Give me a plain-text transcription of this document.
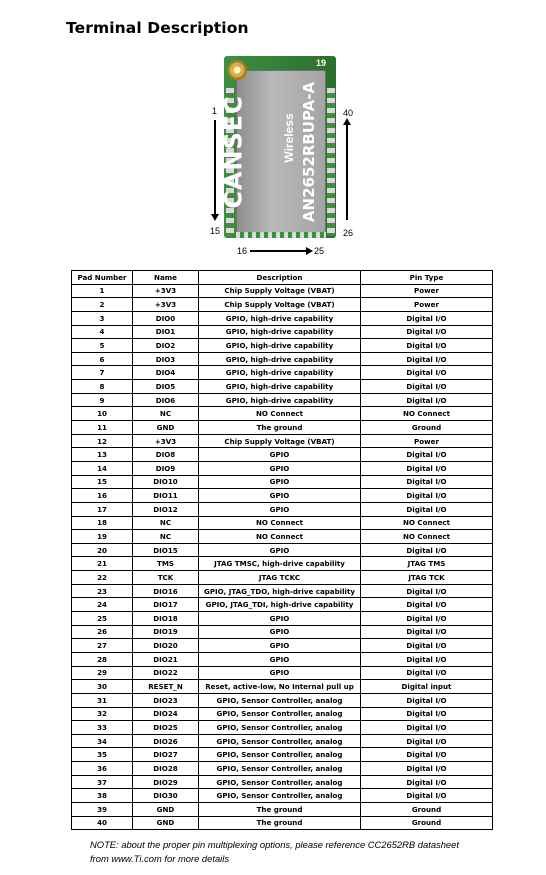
Terminal Description
19
CANSEC	Wireless AN2652RBUPA-A
1
15
16	25
40
26
Pad Number	Name	Description	Pin Type
1	+3V3	Chip Supply Voltage (VBAT)	Power
2	+3V3	Chip Supply Voltage (VBAT)	Power
3	DIO0	GPIO, high-drive capability	Digital I/O
4	DIO1	GPIO, high-drive capability	Digital I/O
5	DIO2	GPIO, high-drive capability	Digital I/O
6	DIO3	GPIO, high-drive capability	Digital I/O
7	DIO4	GPIO, high-drive capability	Digital I/O
8	DIO5	GPIO, high-drive capability	Digital I/O
9	DIO6	GPIO, high-drive capability	Digital I/O
10	NC	NO Connect	NO Connect
11	GND	The ground	Ground
12	+3V3	Chip Supply Voltage (VBAT)	Power
13	DIO8	GPIO	Digital I/O
14	DIO9	GPIO	Digital I/O
15	DIO10	GPIO	Digital I/O
16	DIO11	GPIO	Digital I/O
17	DIO12	GPIO	Digital I/O
18	NC	NO Connect	NO Connect
19	NC	NO Connect	NO Connect
20	DIO15	GPIO	Digital I/O
21	TMS	JTAG TMSC, high-drive capability	JTAG TMS
22	TCK	JTAG TCKC	JTAG TCK
23	DIO16	GPIO, JTAG_TDO, high-drive capability	Digital I/O
24	DIO17	GPIO, JTAG_TDI, high-drive capability	Digital I/O
25	DIO18	GPIO	Digital I/O
26	DIO19	GPIO	Digital I/O
27	DIO20	GPIO	Digital I/O
28	DIO21	GPIO	Digital I/O
29	DIO22	GPIO	Digital I/O
30	RESET_N	Reset, active-low, No Internal pull up	Digital input
31	DIO23	GPIO, Sensor Controller, analog	Digital I/O
32	DIO24	GPIO, Sensor Controller, analog	Digital I/O
33	DIO25	GPIO, Sensor Controller, analog	Digital I/O
34	DIO26	GPIO, Sensor Controller, analog	Digital I/O
35	DIO27	GPIO, Sensor Controller, analog	Digital I/O
36	DIO28	GPIO, Sensor Controller, analog	Digital I/O
37	DIO29	GPIO, Sensor Controller, analog	Digital I/O
38	DIO30	GPIO, Sensor Controller, analog	Digital I/O
39	GND	The ground	Ground
40	GND	The ground	Ground
NOTE: about the proper pin multiplexing options, please reference CC2652RB datasheet
from www.Ti.com for more details
